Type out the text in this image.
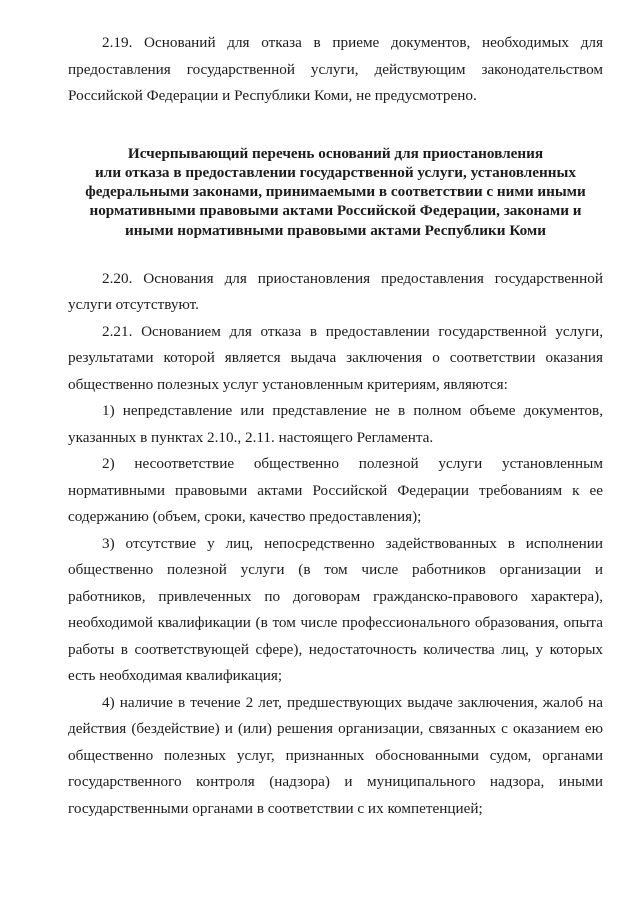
2.19. Оснований для отказа в приеме документов, необходимых для предоставления государственной услуги, действующим законодательством Российской Федерации и Республики Коми, не предусмотрено.

Исчерпывающий перечень оснований для приостановления
или отказа в предоставлении государственной услуги, установленных
федеральными законами, принимаемыми в соответствии с ними иными
нормативными правовыми актами Российской Федерации, законами и
иными нормативными правовыми актами Республики Коми

2.20. Основания для приостановления предоставления государственной услуги отсутствуют.

2.21. Основанием для отказа в предоставлении государственной услуги, результатами которой является выдача заключения о соответствии оказания общественно полезных услуг установленным критериям, являются:

1) непредставление или представление не в полном объеме документов, указанных в пунктах 2.10., 2.11. настоящего Регламента.

2) несоответствие общественно полезной услуги установленным нормативными правовыми актами Российской Федерации требованиям к ее содержанию (объем, сроки, качество предоставления);

3) отсутствие у лиц, непосредственно задействованных в исполнении общественно полезной услуги (в том числе работников организации и работников, привлеченных по договорам гражданско-правового характера), необходимой квалификации (в том числе профессионального образования, опыта работы в соответствующей сфере), недостаточность количества лиц, у которых есть необходимая квалификация;

4) наличие в течение 2 лет, предшествующих выдаче заключения, жалоб на действия (бездействие) и (или) решения организации, связанных с оказанием ею общественно полезных услуг, признанных обоснованными судом, органами государственного контроля (надзора) и муниципального надзора, иными государственными органами в соответствии с их компетенцией;
